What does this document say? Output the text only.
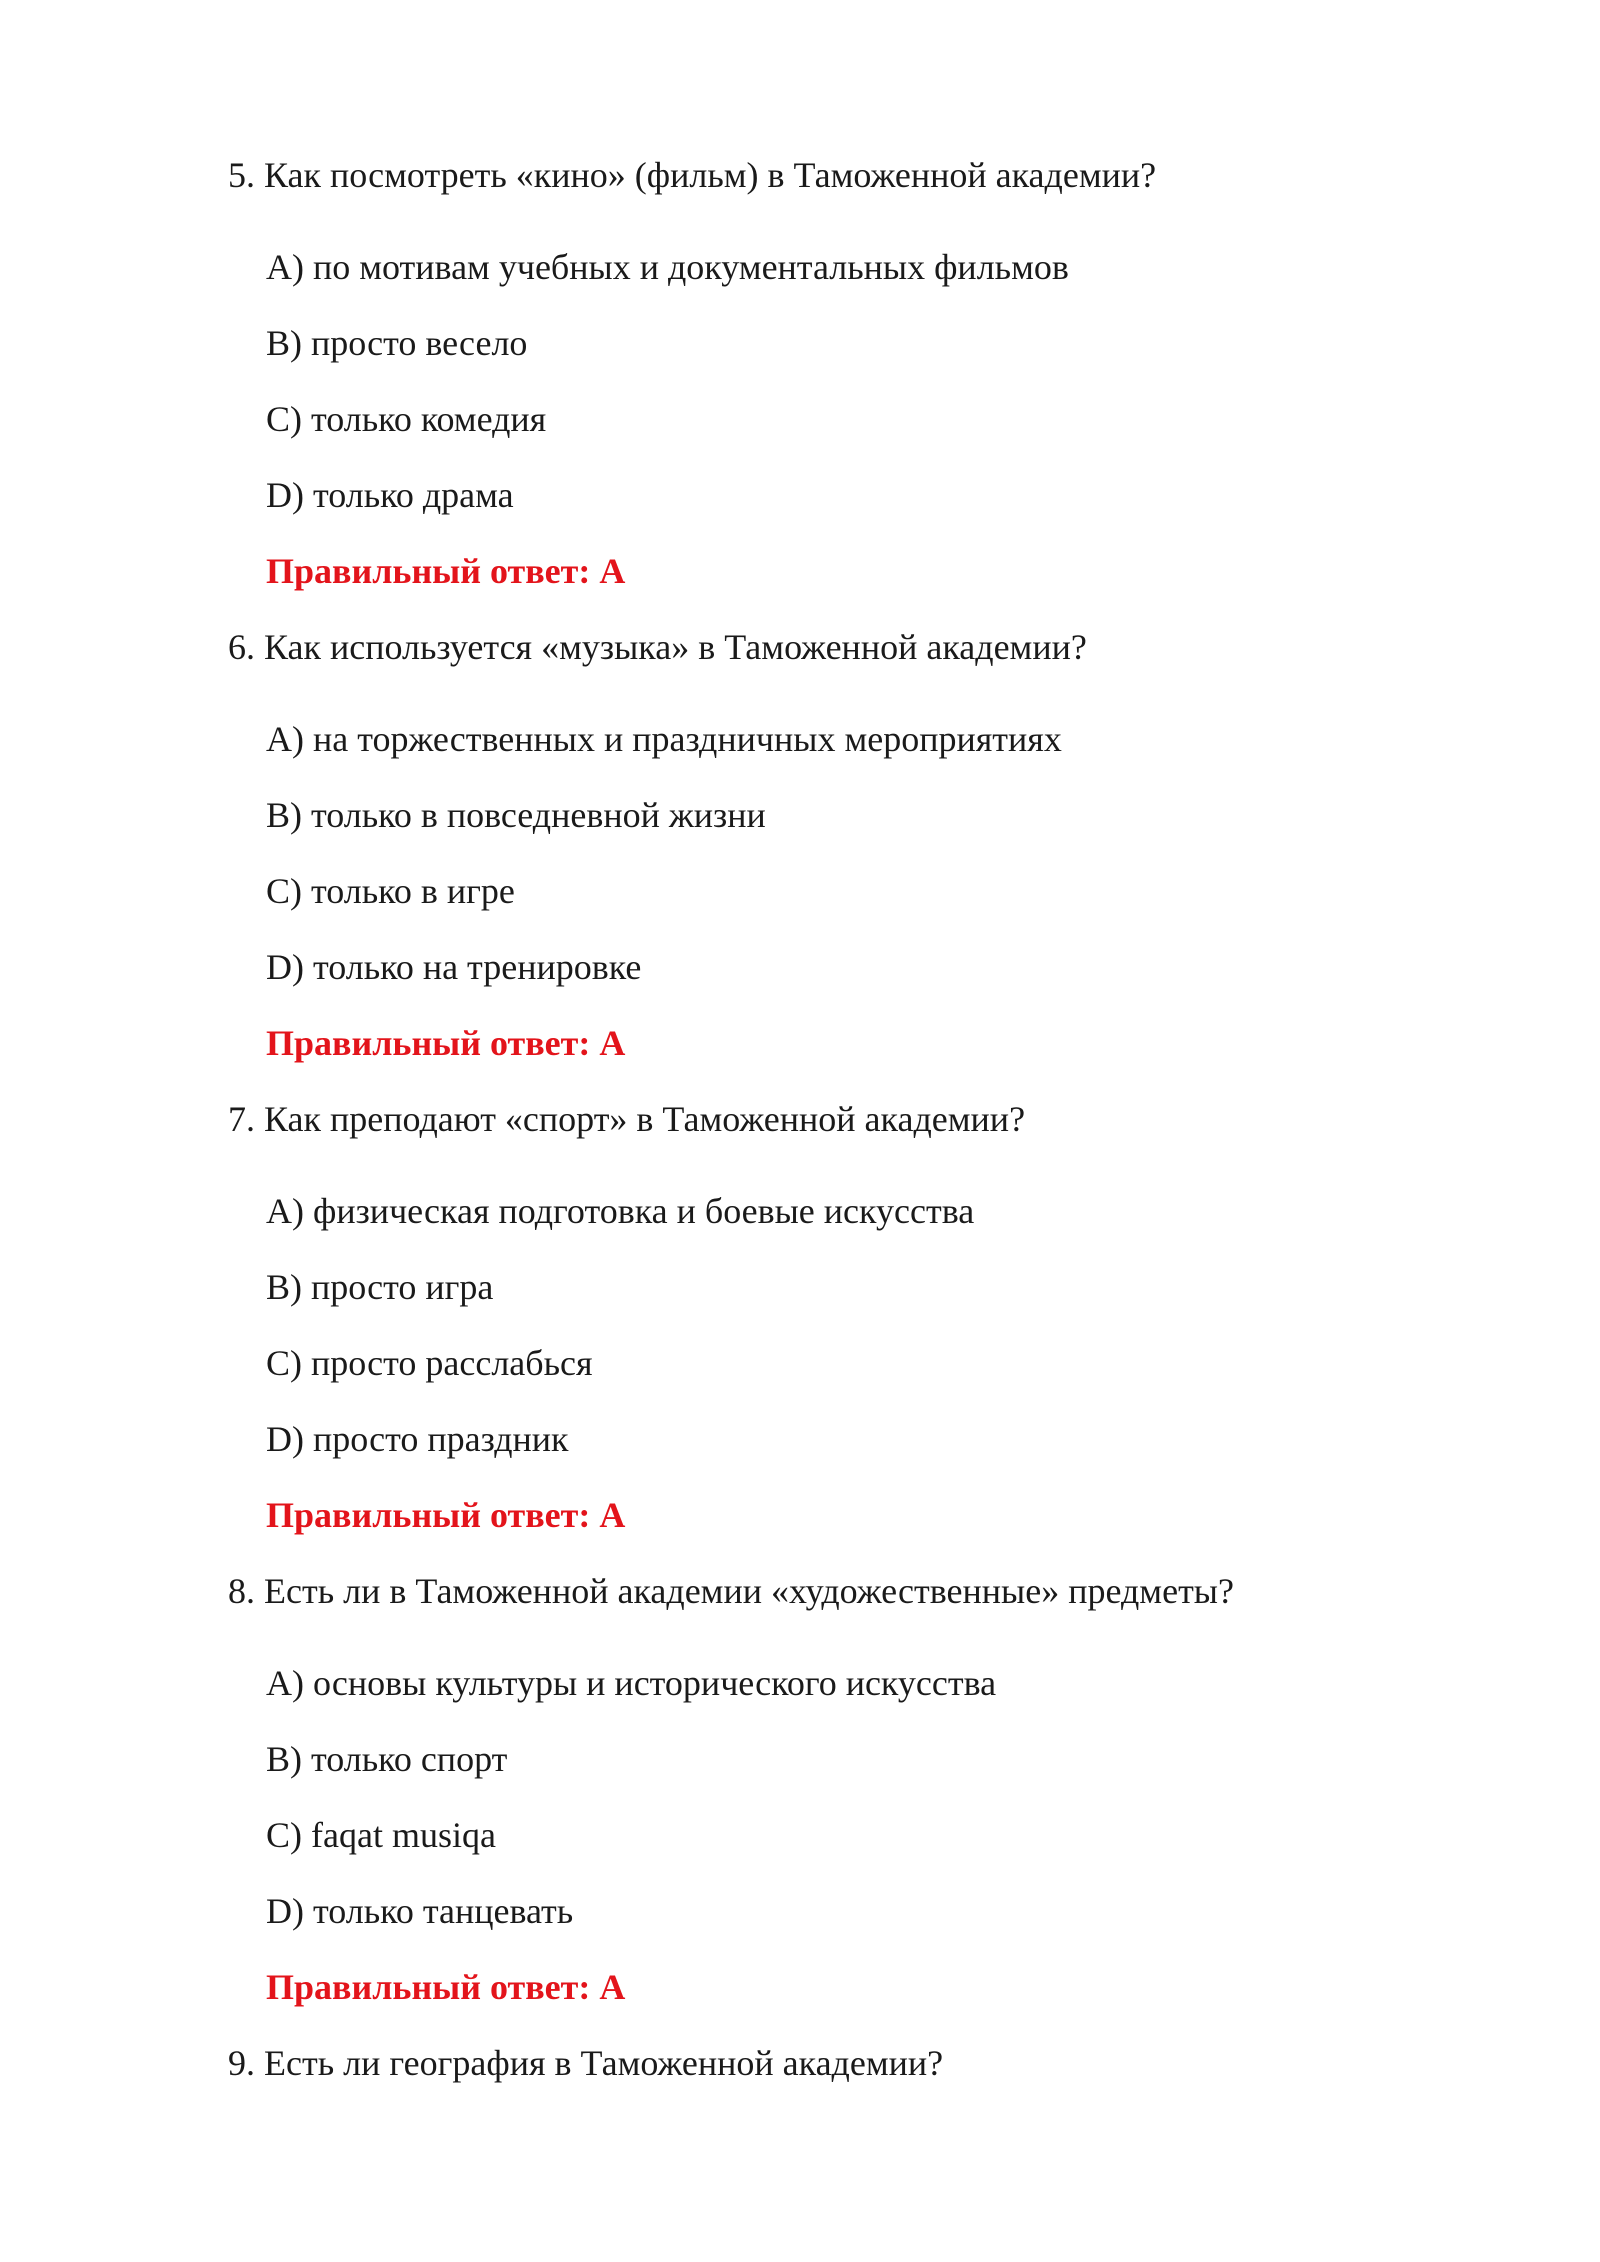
5. Как посмотреть «кино» (фильм) в Таможенной академии?

A) по мотивам учебных и документальных фильмов

B) просто весело

C) только комедия

D) только драма

Правильный ответ: A

6. Как используется «музыка» в Таможенной академии?

A) на торжественных и праздничных мероприятиях

B) только в повседневной жизни

C) только в игре

D) только на тренировке

Правильный ответ: A

7. Как преподают «спорт» в Таможенной академии?

A) физическая подготовка и боевые искусства

B) просто игра

C) просто расслабься

D) просто праздник

Правильный ответ: A

8. Есть ли в Таможенной академии «художественные» предметы?

A) основы культуры и исторического искусства

B) только спорт

C) faqat musiqa

D) только танцевать

Правильный ответ: A

9. Есть ли география в Таможенной академии?
